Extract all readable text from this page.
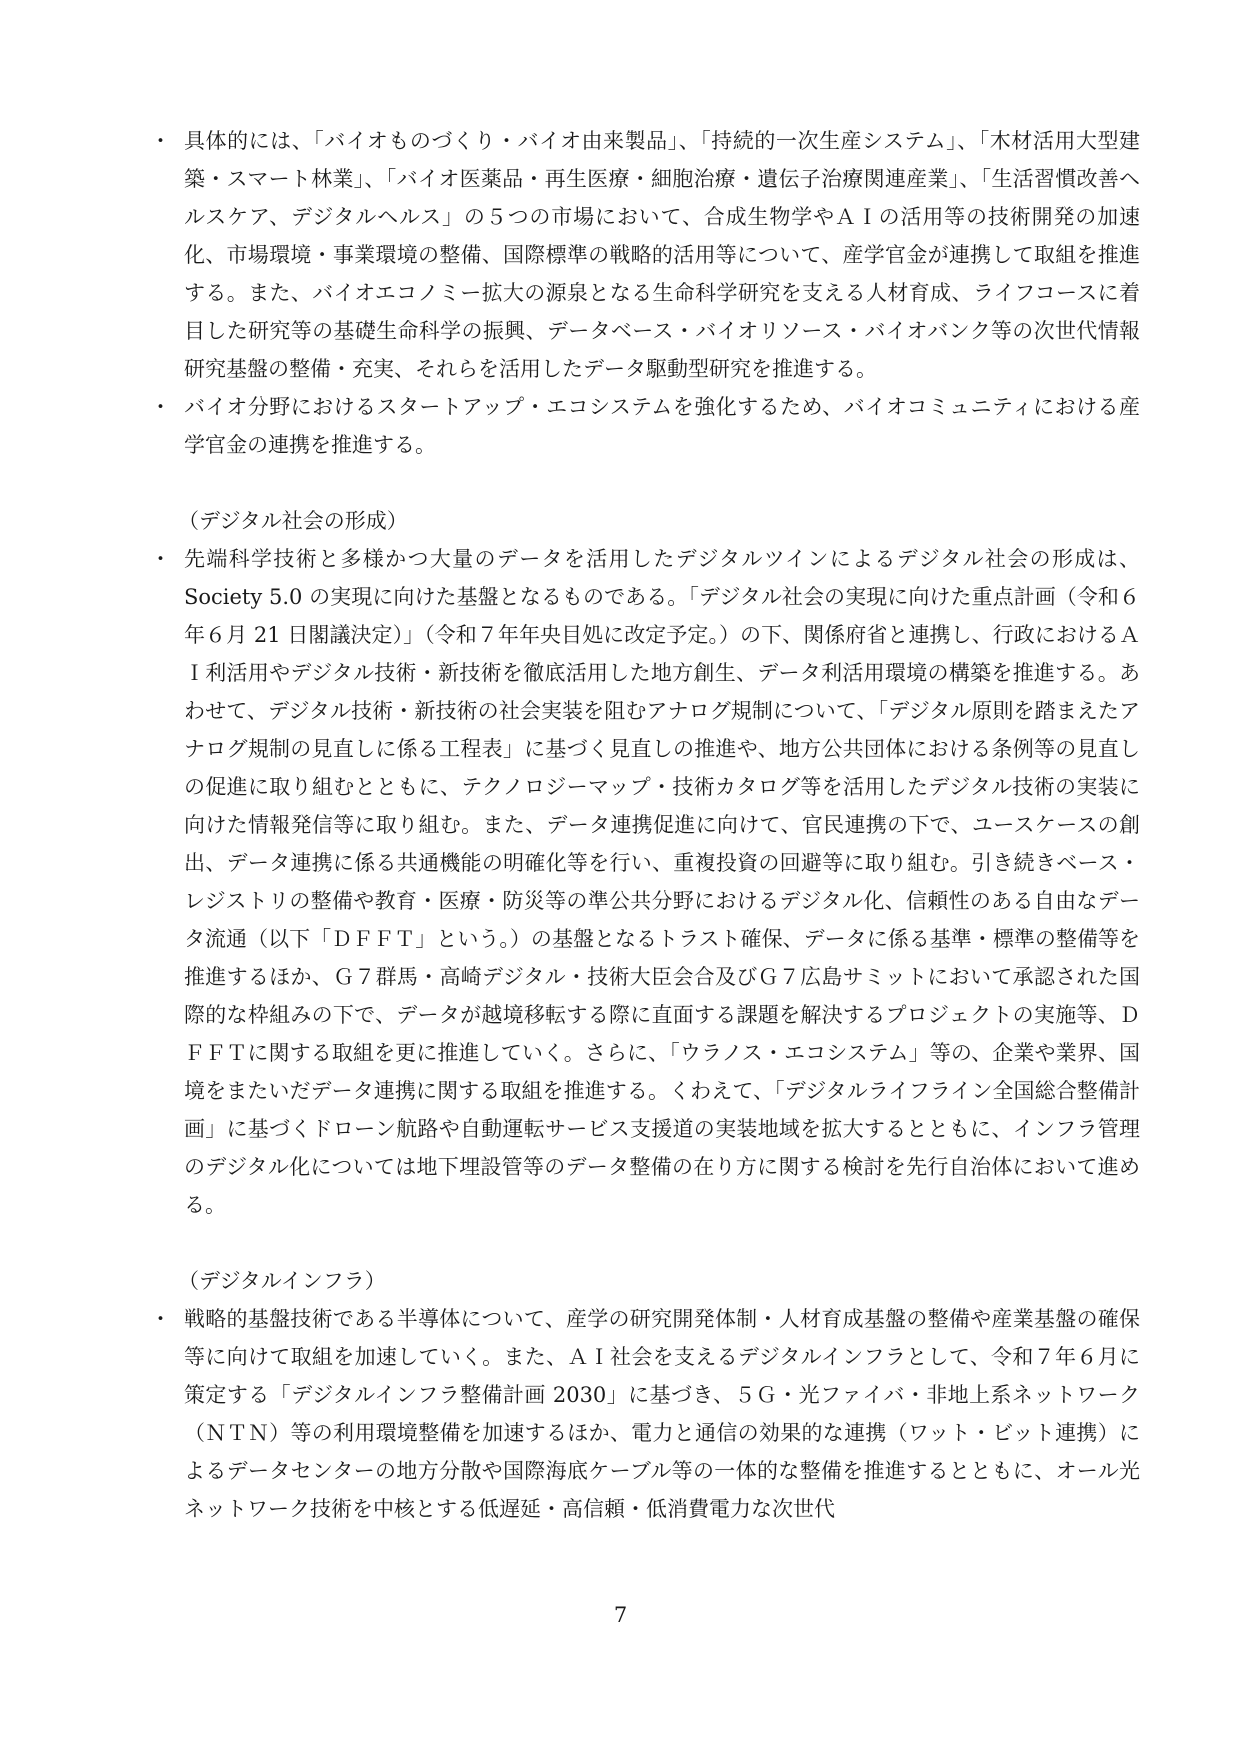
・ 具体的には、「バイオものづくり・バイオ由来製品」、「持続的一次生産システム」、「木材活用大型建築・スマート林業」、「バイオ医薬品・再生医療・細胞治療・遺伝子治療関連産業」、「生活習慣改善ヘルスケア、デジタルヘルス」の５つの市場において、合成生物学やＡＩの活用等の技術開発の加速化、市場環境・事業環境の整備、国際標準の戦略的活用等について、産学官金が連携して取組を推進する。また、バイオエコノミー拡大の源泉となる生命科学研究を支える人材育成、ライフコースに着目した研究等の基礎生命科学の振興、データベース・バイオリソース・バイオバンク等の次世代情報研究基盤の整備・充実、それらを活用したデータ駆動型研究を推進する。
・ バイオ分野におけるスタートアップ・エコシステムを強化するため、バイオコミュニティにおける産学官金の連携を推進する。
（デジタル社会の形成）
・ 先端科学技術と多様かつ大量のデータを活用したデジタルツインによるデジタル社会の形成は、Society 5.0 の実現に向けた基盤となるものである。「デジタル社会の実現に向けた重点計画（令和６年６月 21 日閣議決定）」（令和７年年央目処に改定予定。）の下、関係府省と連携し、行政におけるＡＩ利活用やデジタル技術・新技術を徹底活用した地方創生、データ利活用環境の構築を推進する。あわせて、デジタル技術・新技術の社会実装を阻むアナログ規制について、「デジタル原則を踏まえたアナログ規制の見直しに係る工程表」に基づく見直しの推進や、地方公共団体における条例等の見直しの促進に取り組むとともに、テクノロジーマップ・技術カタログ等を活用したデジタル技術の実装に向けた情報発信等に取り組む。また、データ連携促進に向けて、官民連携の下で、ユースケースの創出、データ連携に係る共通機能の明確化等を行い、重複投資の回避等に取り組む。引き続きベース・レジストリの整備や教育・医療・防災等の準公共分野におけるデジタル化、信頼性のある自由なデータ流通（以下「ＤＦＦＴ」という。）の基盤となるトラスト確保、データに係る基準・標準の整備等を推進するほか、Ｇ７群馬・高崎デジタル・技術大臣会合及びＧ７広島サミットにおいて承認された国際的な枠組みの下で、データが越境移転する際に直面する課題を解決するプロジェクトの実施等、ＤＦＦＴに関する取組を更に推進していく。さらに、「ウラノス・エコシステム」等の、企業や業界、国境をまたいだデータ連携に関する取組を推進する。くわえて、「デジタルライフライン全国総合整備計画」に基づくドローン航路や自動運転サービス支援道の実装地域を拡大するとともに、インフラ管理のデジタル化については地下埋設管等のデータ整備の在り方に関する検討を先行自治体において進める。
（デジタルインフラ）
・ 戦略的基盤技術である半導体について、産学の研究開発体制・人材育成基盤の整備や産業基盤の確保等に向けて取組を加速していく。また、ＡＩ社会を支えるデジタルインフラとして、令和７年６月に策定する「デジタルインフラ整備計画 2030」に基づき、５Ｇ・光ファイバ・非地上系ネットワーク（ＮＴＮ）等の利用環境整備を加速するほか、電力と通信の効果的な連携（ワット・ビット連携）によるデータセンターの地方分散や国際海底ケーブル等の一体的な整備を推進するとともに、オール光ネットワーク技術を中核とする低遅延・高信頼・低消費電力な次世代
7
